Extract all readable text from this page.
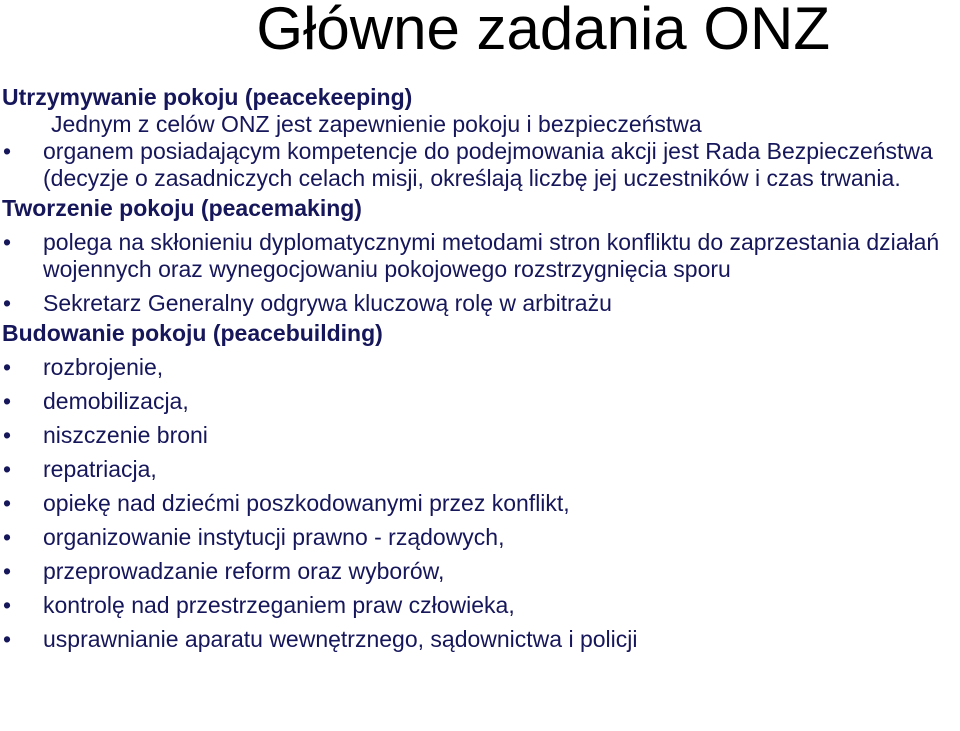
Główne zadania ONZ

Utrzymywanie pokoju (peacekeeping)

Jednym z celów ONZ jest zapewnienie pokoju i bezpieczeństwa

• organem posiadającym kompetencje do podejmowania akcji jest Rada Bezpieczeństwa (decyzje o zasadniczych celach misji, określają liczbę jej uczestników i czas trwania.

Tworzenie pokoju (peacemaking)

• polega na skłonieniu dyplomatycznymi metodami stron konfliktu do zaprzestania działań wojennych oraz wynegocjowaniu pokojowego rozstrzygnięcia sporu
• Sekretarz Generalny odgrywa kluczową rolę w arbitrażu

Budowanie pokoju (peacebuilding)

• rozbrojenie,
• demobilizacja,
• niszczenie broni
• repatriacja,
• opiekę nad dziećmi poszkodowanymi przez konflikt,
• organizowanie instytucji prawno - rządowych,
• przeprowadzanie reform oraz wyborów,
• kontrolę nad przestrzeganiem praw człowieka,
• usprawnianie aparatu wewnętrznego, sądownictwa i policji
